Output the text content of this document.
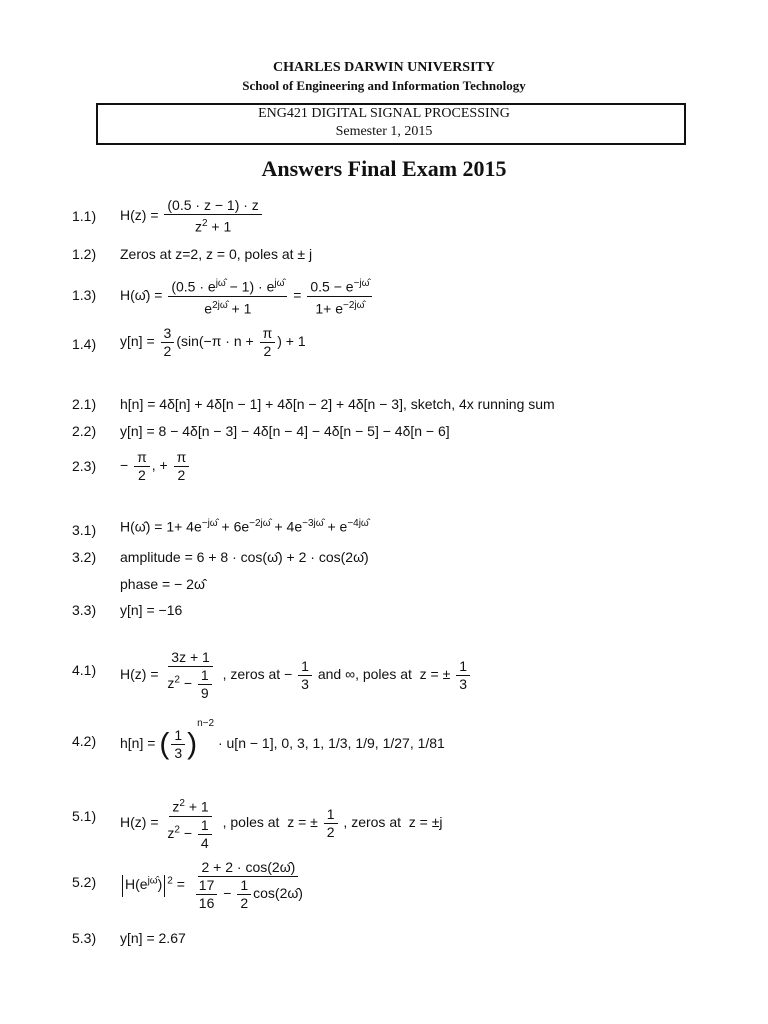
CHARLES DARWIN UNIVERSITY
School of Engineering and Information Technology
ENG421 DIGITAL SIGNAL PROCESSING
Semester 1, 2015
Answers Final Exam 2015
1.1) $H(z) = \frac{(0.5 \cdot z - 1) \cdot z}{z^2 + 1}$
1.2) Zeros at z=2, z = 0, poles at ± j
1.3) H(ω̂) = $\frac{(0.5 \cdot e^{j\omegâ} - 1) \cdot e^{j\omegâ}}{e^{2j\omegâ} + 1} = \frac{0.5 - e^{-j\omegâ}}{1+ e^{-2j\omegâ}}$
1.4) $y[n] = \frac{3}{2} (\sin(-\pi \cdot n + \frac{\pi}{2}$ ) + 1
2.1) h[n] = 4δ[n] + 4δ[n − 1] + 4δ[n − 2] + 4δ[n − 3], sketch, 4x running sum
2.2) y[n] = 8 − 4δ[n − 3] − 4δ[n − 4] − 4δ[n − 5] − 4δ[n − 6]
$2.3) - \frac{\pi}{2}$ , + $\frac{\pi}{2}$
3.1) H(ω̂) = $1+ 4e^{-j\omegâ} + 6e^{-2j\omegâ} + 4e^{-3j\omegâ} + e^{-4j\omegâ}$
3.2) amplitude = 6 + 8 · cos(ω̂) + 2 · cos(2ω̂)
phase = − 2ω̂
3.3) y[n] = −16
4.1) $H(z) = \frac{3z + 1}{z^2 - \frac{1}{9}}$ , zeros at − $\frac{1}{3}$ and ∞, poles at  z = ± $\frac{1}{3}$
4.2) h[n] = ( $\frac{1}{3} )^{n-2} \cdot u[n - 1]$, 0, 3, 1, 1/3, 1/9, 1/27, 1/81
5.1) $H(z) = \frac{z^2 + 1}{z^2 - \frac{1}{4}}$ , poles at  z = ± $\frac{1}{2}$ , zeros at  z = ±j
5.2)	$H(e^{j\omegâ}) ^2 = \frac{2 + 2 \cdot \cos(2\omegâ)}{\frac{17}{16} - \frac{1}{2} \cos(2\omegâ)}$
5.3) y[n] = 2.67
